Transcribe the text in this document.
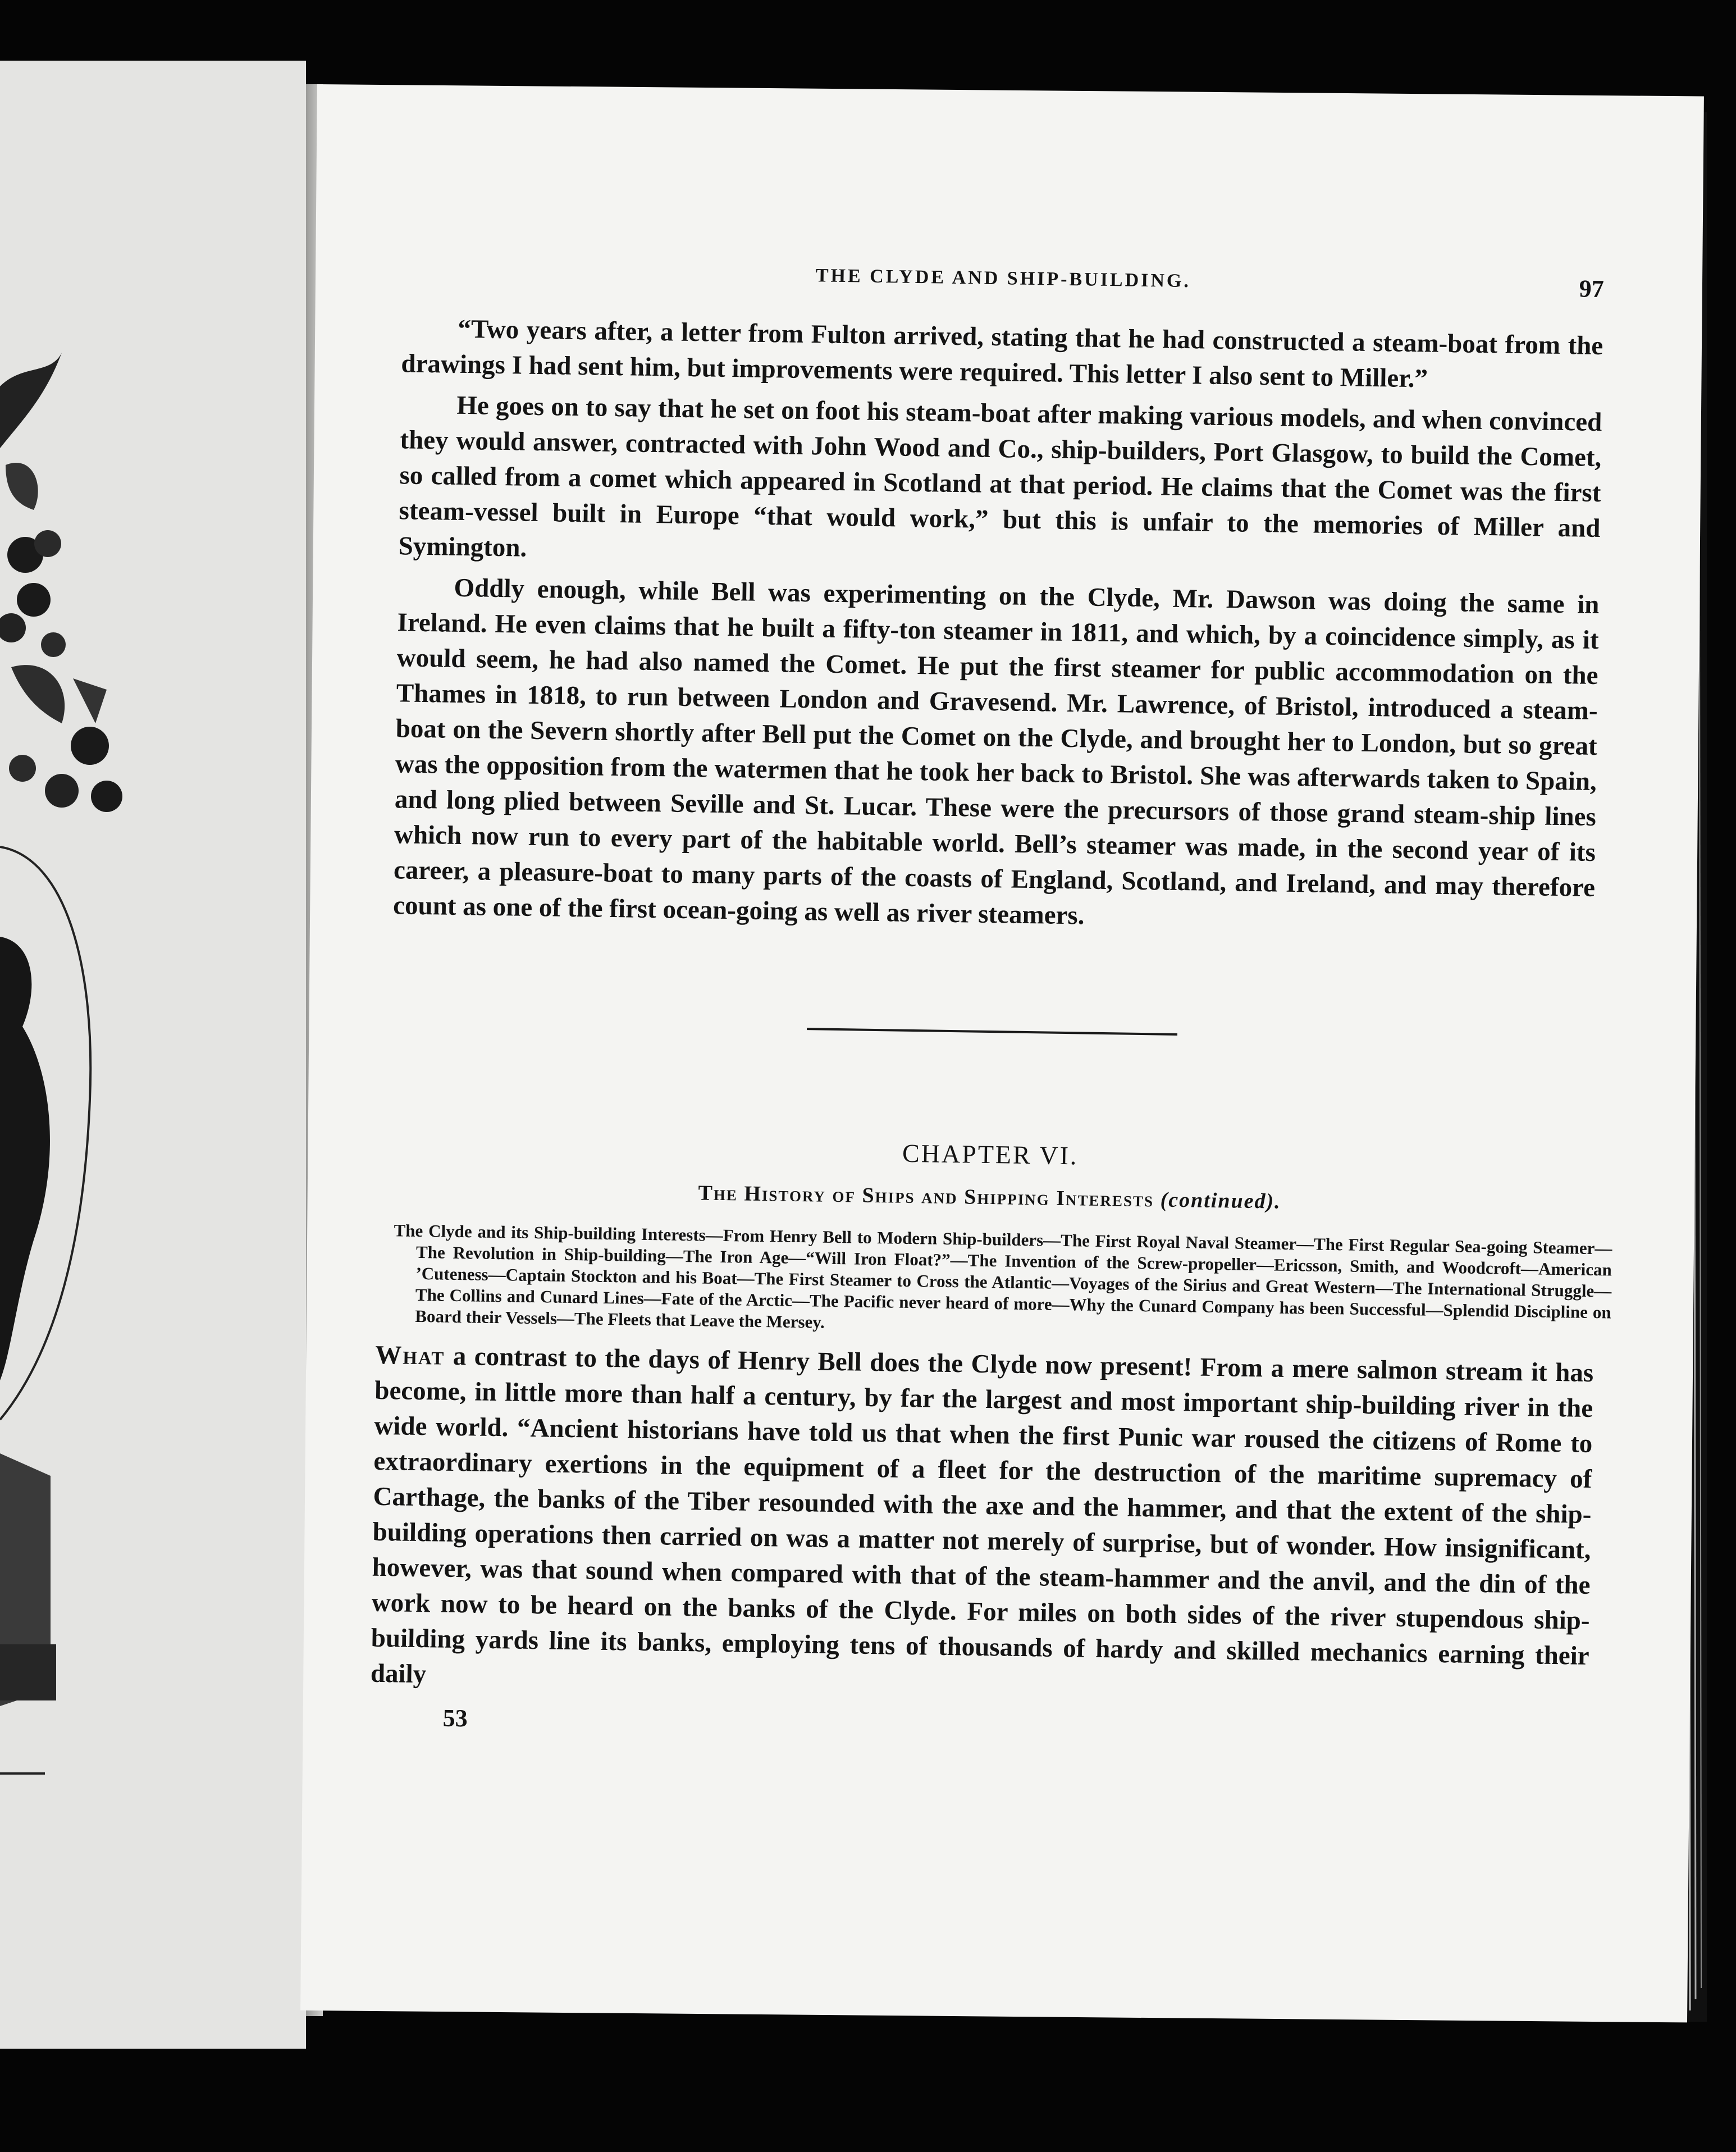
THE CLYDE AND SHIP-BUILDING.	97

“Two years after, a letter from Fulton arrived, stating that he had constructed a steam-boat from the drawings I had sent him, but improvements were required. This letter I also sent to Miller.”

He goes on to say that he set on foot his steam-boat after making various models, and when convinced they would answer, contracted with John Wood and Co., ship-builders, Port Glasgow, to build the Comet, so called from a comet which appeared in Scotland at that period. He claims that the Comet was the first steam-vessel built in Europe “that would work,” but this is unfair to the memories of Miller and Symington.

Oddly enough, while Bell was experimenting on the Clyde, Mr. Dawson was doing the same in Ireland. He even claims that he built a fifty-ton steamer in 1811, and which, by a coincidence simply, as it would seem, he had also named the Comet. He put the first steamer for public accommodation on the Thames in 1818, to run between London and Gravesend. Mr. Lawrence, of Bristol, introduced a steam-boat on the Severn shortly after Bell put the Comet on the Clyde, and brought her to London, but so great was the opposition from the watermen that he took her back to Bristol. She was afterwards taken to Spain, and long plied between Seville and St. Lucar. These were the precursors of those grand steam-ship lines which now run to every part of the habitable world. Bell’s steamer was made, in the second year of its career, a pleasure-boat to many parts of the coasts of England, Scotland, and Ireland, and may therefore count as one of the first ocean-going as well as river steamers.

CHAPTER VI.
The History of Ships and Shipping Interests (continued).
The Clyde and its Ship-building Interests—From Henry Bell to Modern Ship-builders—The First Royal Naval Steamer—The First Regular Sea-going Steamer—The Revolution in Ship-building—The Iron Age—“Will Iron Float?”—The Invention of the Screw-propeller—Ericsson, Smith, and Woodcroft—American ’Cuteness—Captain Stockton and his Boat—The First Steamer to Cross the Atlantic—Voyages of the Sirius and Great Western—The International Struggle—The Collins and Cunard Lines—Fate of the Arctic—The Pacific never heard of more—Why the Cunard Company has been Successful—Splendid Discipline on Board their Vessels—The Fleets that Leave the Mersey.

What a contrast to the days of Henry Bell does the Clyde now present! From a mere salmon stream it has become, in little more than half a century, by far the largest and most important ship-building river in the wide world. “Ancient historians have told us that when the first Punic war roused the citizens of Rome to extraordinary exertions in the equipment of a fleet for the destruction of the maritime supremacy of Carthage, the banks of the Tiber resounded with the axe and the hammer, and that the extent of the ship-building operations then carried on was a matter not merely of surprise, but of wonder. How insignificant, however, was that sound when compared with that of the steam-hammer and the anvil, and the din of the work now to be heard on the banks of the Clyde. For miles on both sides of the river stupendous ship-building yards line its banks, employing tens of thousands of hardy and skilled mechanics earning their daily

53
